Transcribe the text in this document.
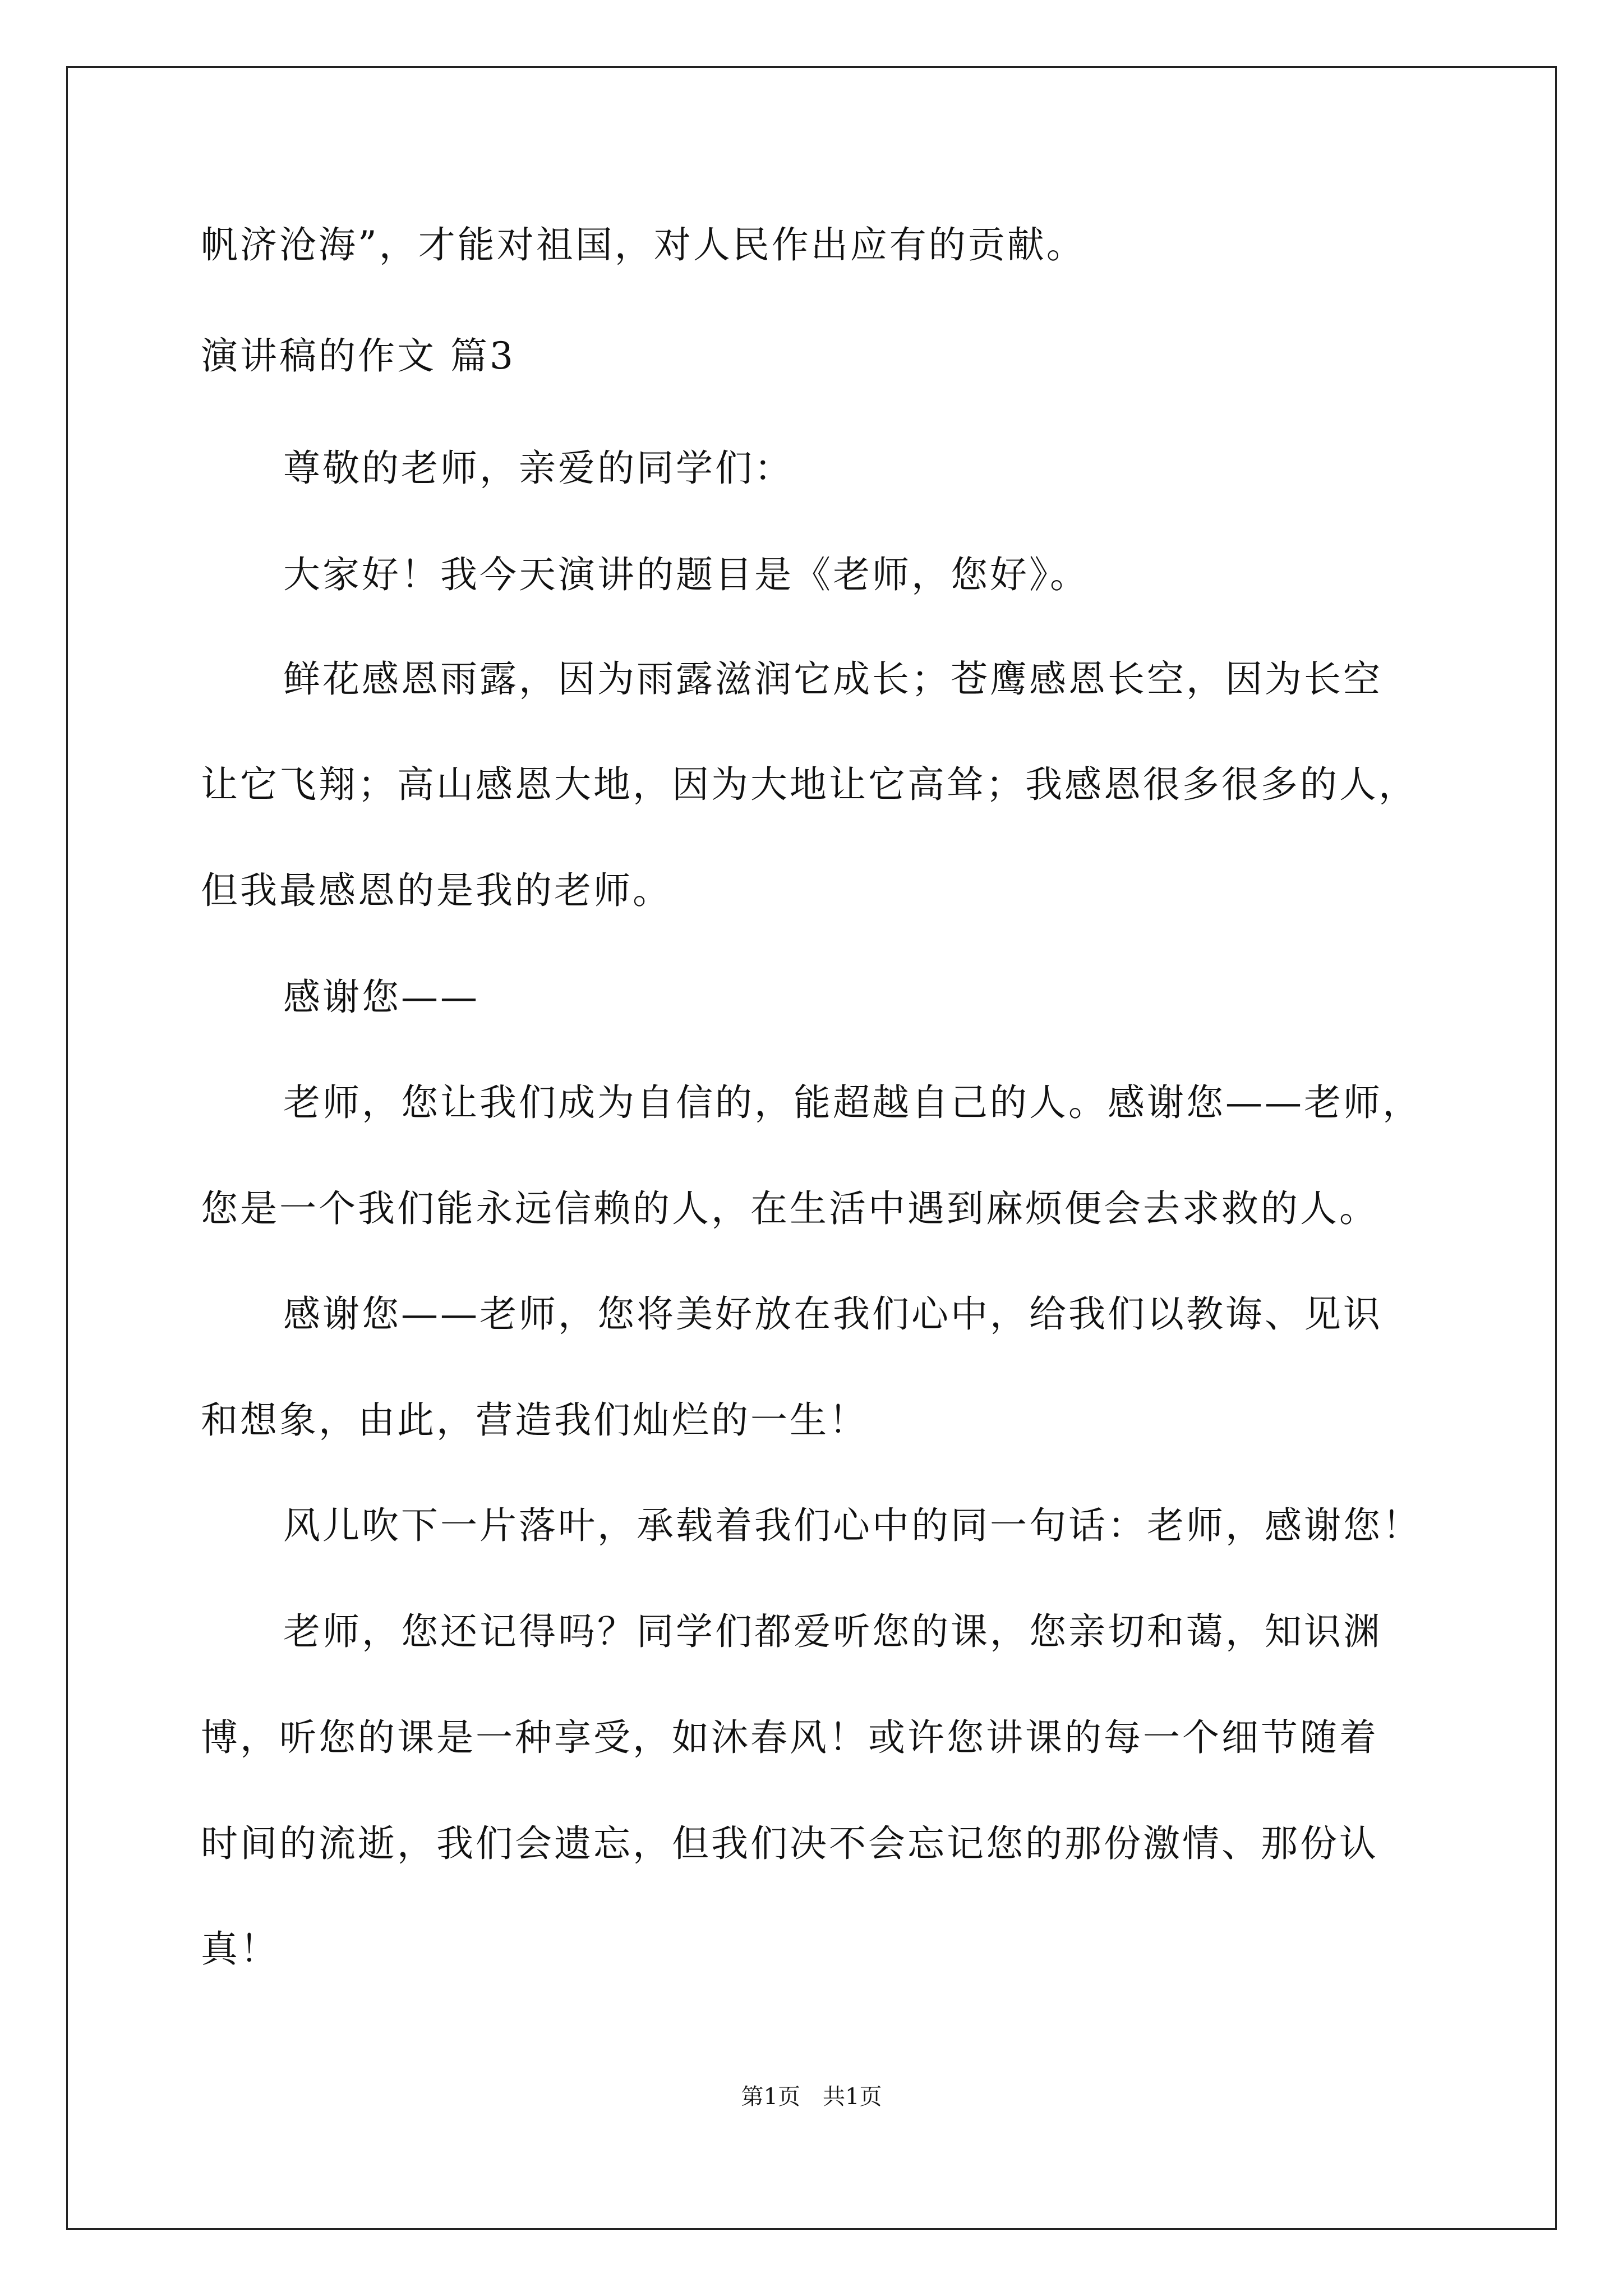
帆济沧海”，才能对祖国，对人民作出应有的贡献。
演讲稿的作文 篇3
尊敬的老师，亲爱的同学们：
大家好！我今天演讲的题目是《老师，您好》。
鲜花感恩雨露，因为雨露滋润它成长；苍鹰感恩长空，因为长空
让它飞翔；高山感恩大地，因为大地让它高耸；我感恩很多很多的人，
但我最感恩的是我的老师。
感谢您——
老师，您让我们成为自信的，能超越自己的人。感谢您——老师，
您是一个我们能永远信赖的人，在生活中遇到麻烦便会去求救的人。
感谢您——老师，您将美好放在我们心中，给我们以教诲、见识
和想象，由此，营造我们灿烂的一生！
风儿吹下一片落叶，承载着我们心中的同一句话：老师，感谢您！
老师，您还记得吗？同学们都爱听您的课，您亲切和蔼，知识渊
博，听您的课是一种享受，如沐春风！或许您讲课的每一个细节随着
时间的流逝，我们会遗忘，但我们决不会忘记您的那份激情、那份认
真！
第1页　共1页
